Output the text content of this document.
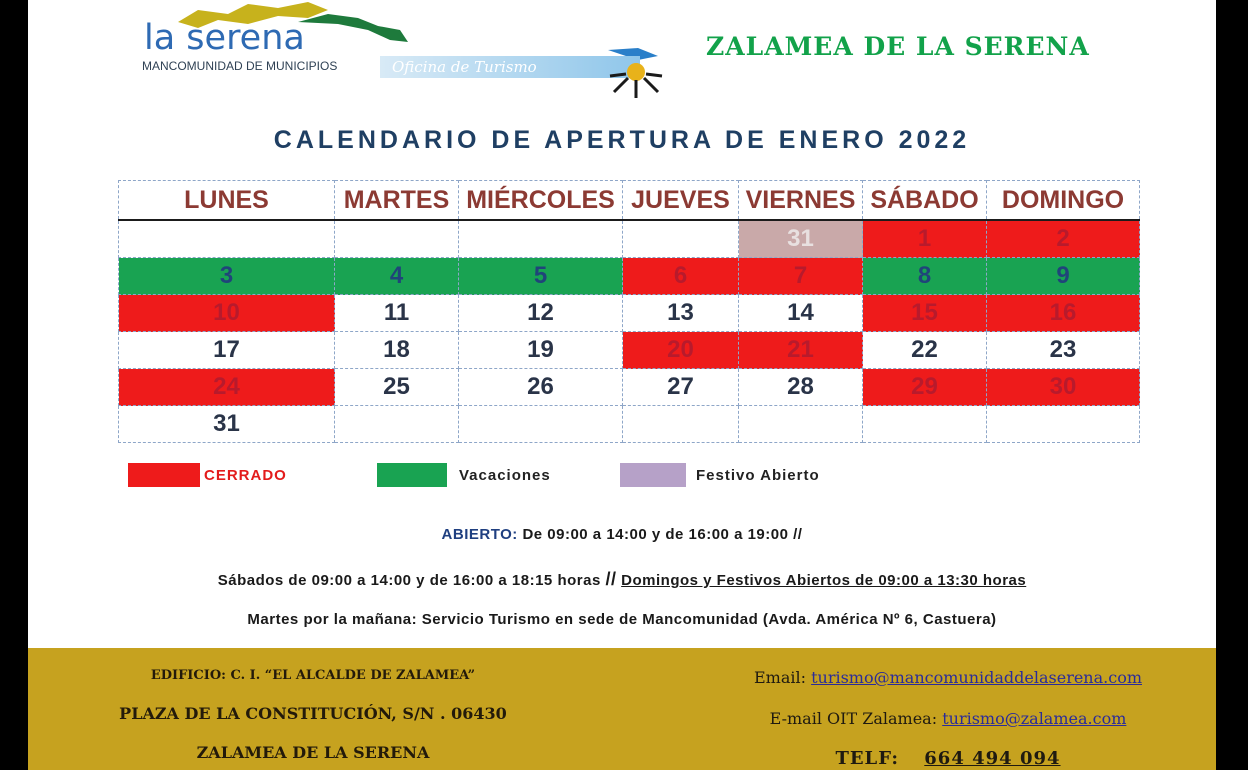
la serena
MANCOMUNIDAD DE MUNICIPIOS	Oficina de Turismo
ZALAMEA DE LA SERENA
CALENDARIO DE APERTURA DE ENERO 2022
LUNES	MARTES	MIÉRCOLES	JUEVES	VIERNES	SÁBADO	DOMINGO
				31	1	2
3	4	5	6	7	8	9
10	11	12	13	14	15	16
17	18	19	20	21	22	23
24	25	26	27	28	29	30
31						
CERRADO	Vacaciones	Festivo Abierto
ABIERTO: De 09:00 a 14:00 y de 16:00 a 19:00 //
Sábados de 09:00 a 14:00 y de 16:00 a 18:15 horas // Domingos y Festivos Abiertos de 09:00 a 13:30 horas
Martes por la mañana: Servicio Turismo en sede de Mancomunidad (Avda. América Nº 6, Castuera)
EDIFICIO: C. I. “EL ALCALDE DE ZALAMEA”
PLAZA DE LA CONSTITUCIÓN, S/N . 06430
ZALAMEA DE LA SERENA
Email: turismo@mancomunidaddelaserena.com
E-mail OIT Zalamea: turismo@zalamea.com
TELF: 664 494 094
